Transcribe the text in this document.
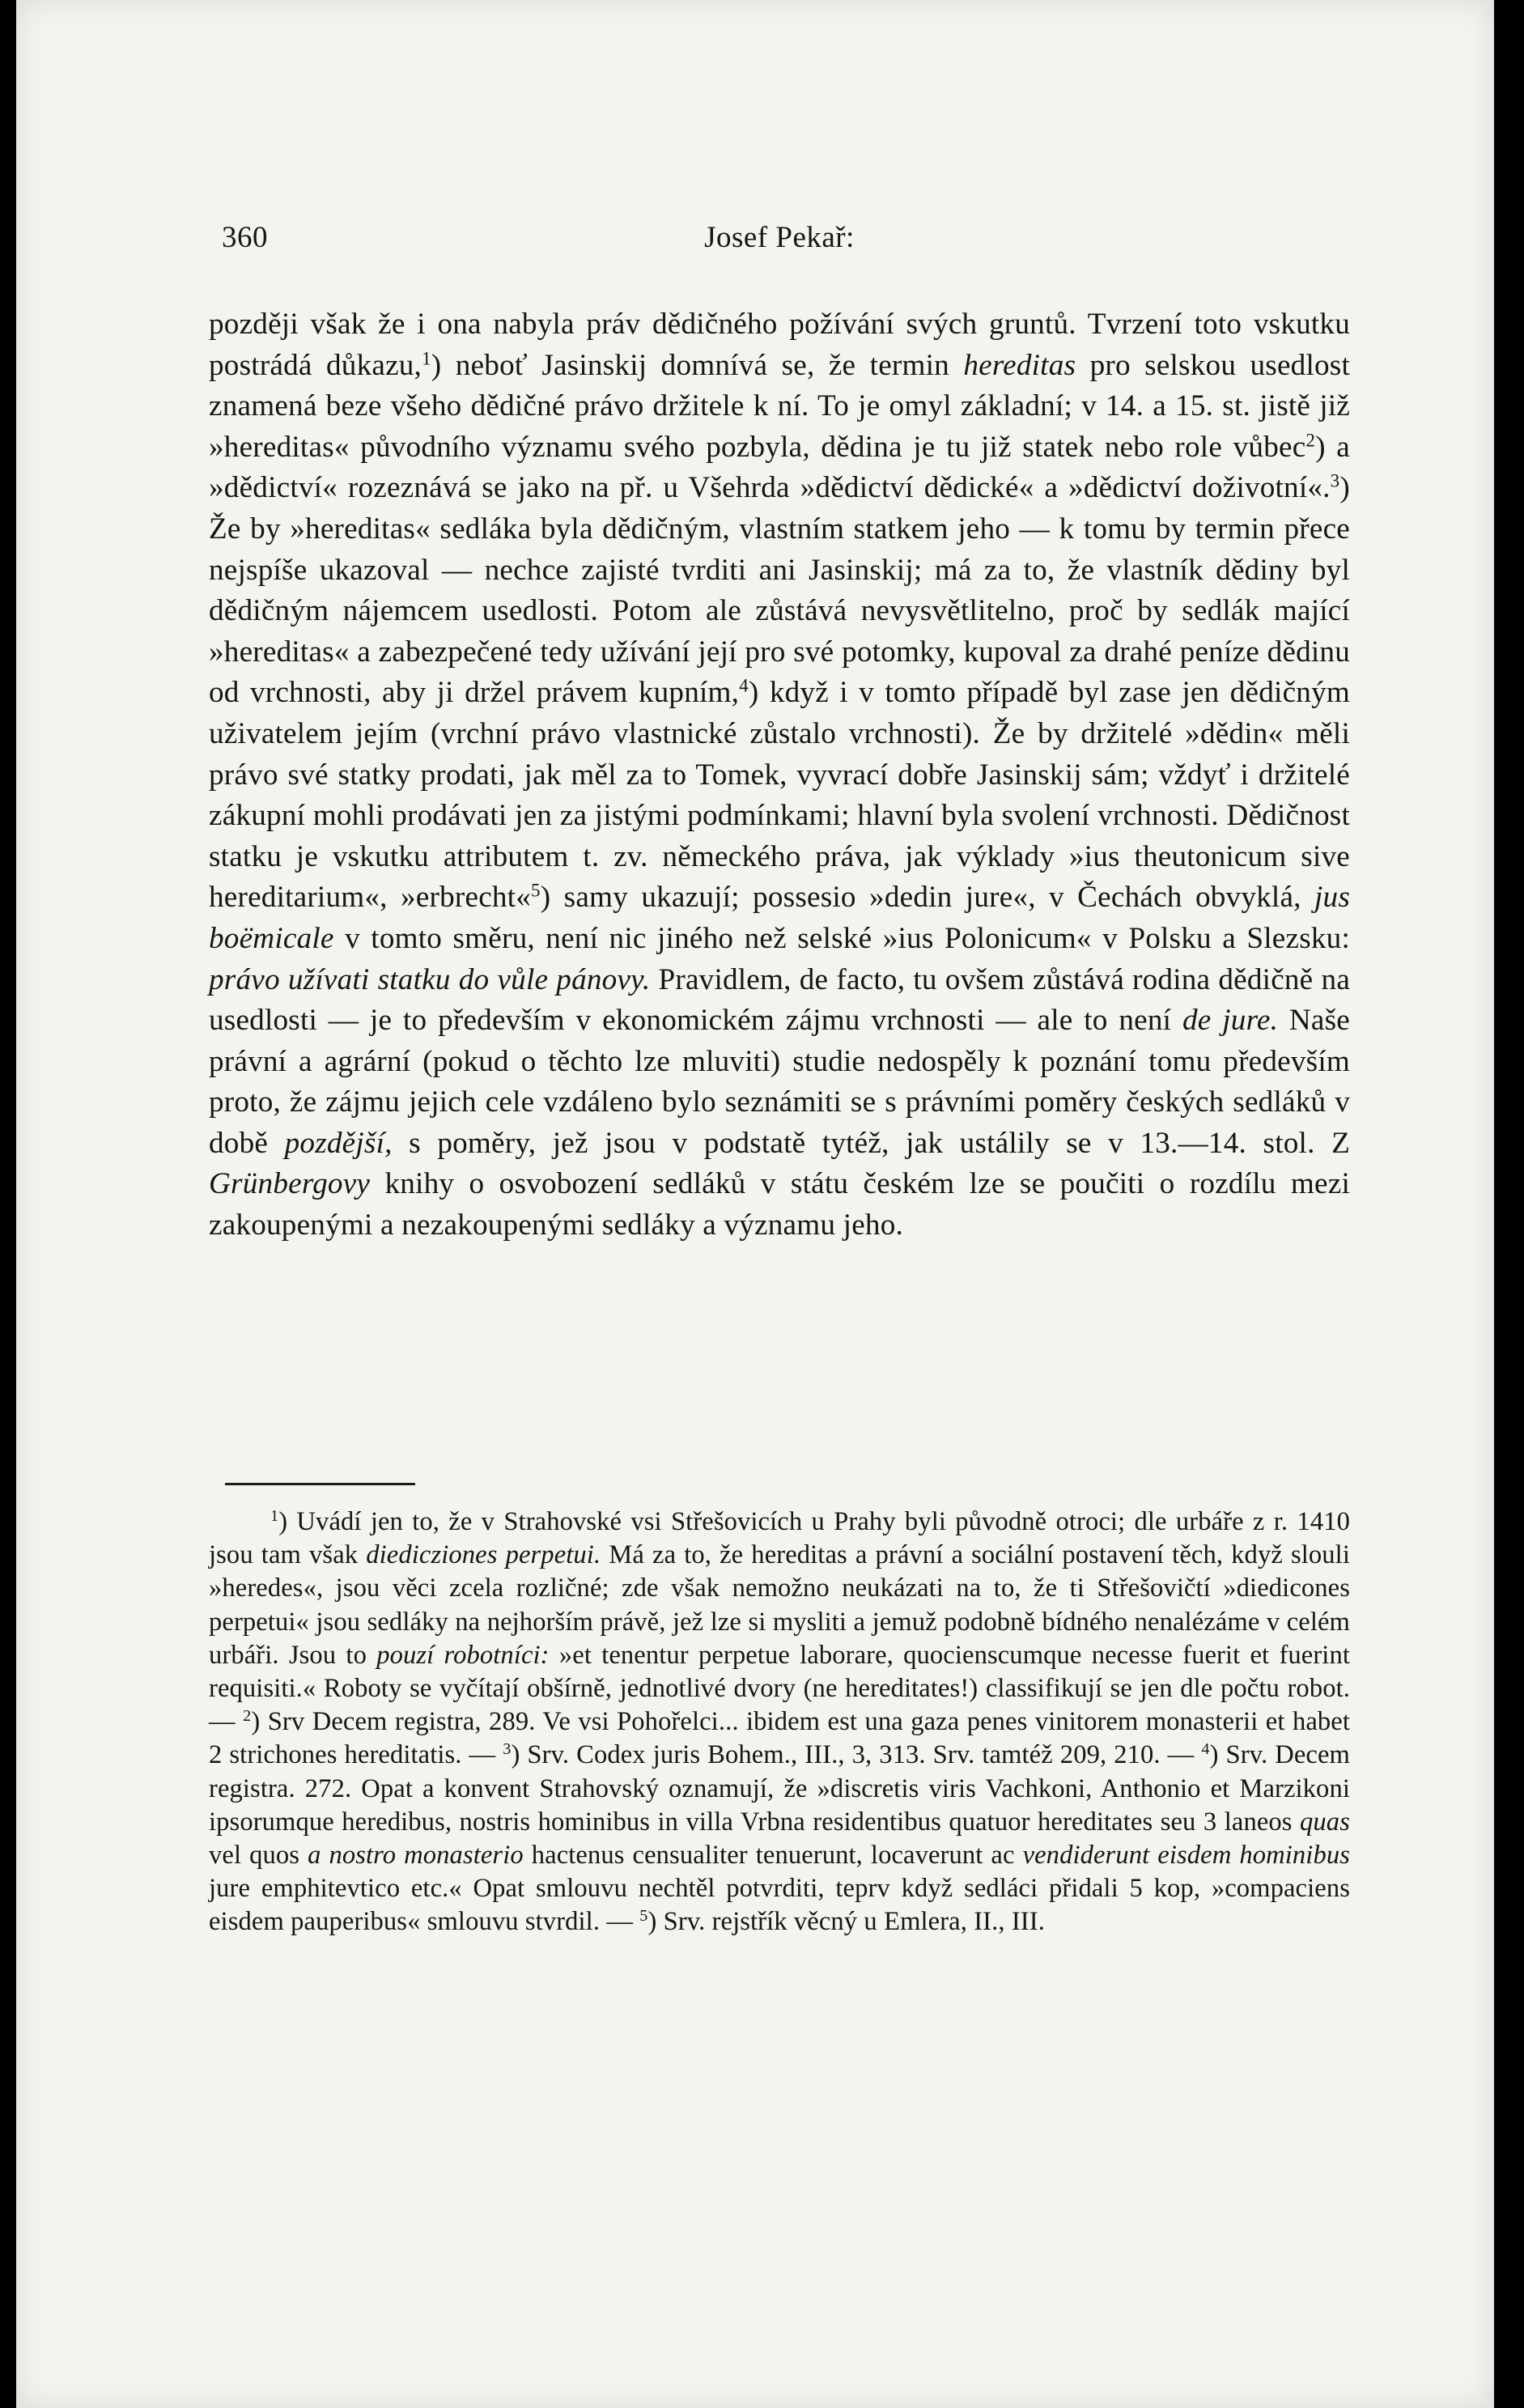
360	Josef Pekař:

později však že i ona nabyla práv dědičného požívání svých gruntů. Tvrzení toto vskutku postrádá důkazu,$^1$) neboť Jasinskij domnívá se, že termin hereditas pro selskou usedlost znamená beze všeho dědičné právo držitele k ní. To je omyl základní; v 14. a 15. st. jistě již »hereditas« původního významu svého pozbyla, dědina je tu již statek nebo role vůbec$^2$) a »dědictví« rozeznává se jako na př. u Všehrda »dědictví dědické« a »dědictví doživotní«.$^3$) Že by »hereditas« sedláka byla dědičným, vlastním statkem jeho — k tomu by termin přece nejspíše ukazoval — nechce zajisté tvrditi ani Jasinskij; má za to, že vlastník dědiny byl dědičným nájemcem usedlosti. Potom ale zůstává nevysvětlitelno, proč by sedlák mající »hereditas« a zabezpečené tedy užívání její pro své potomky, kupoval za drahé peníze dědinu od vrchnosti, aby ji držel právem kupním,$^4$) když i v tomto případě byl zase jen dědičným uživatelem jejím (vrchní právo vlastnické zůstalo vrchnosti). Že by držitelé »dědin« měli právo své statky prodati, jak měl za to Tomek, vyvrací dobře Jasinskij sám; vždyť i držitelé zákupní mohli prodávati jen za jistými podmínkami; hlavní byla svolení vrchnosti. Dědičnost statku je vskutku attributem t. zv. německého práva, jak výklady »ius theutonicum sive hereditarium«, »erbrecht«$^5$) samy ukazují; possesio »dedin jure«, v Čechách obvyklá, jus boëmicale v tomto směru, není nic jiného než selské »ius Polonicum« v Polsku a Slezsku: právo užívati statku do vůle pánovy. Pravidlem, de facto, tu ovšem zůstává rodina dědičně na usedlosti — je to především v ekonomickém zájmu vrchnosti — ale to není de jure. Naše právní a agrární (pokud o těchto lze mluviti) studie nedospěly k poznání tomu především proto, že zájmu jejich cele vzdáleno bylo seznámiti se s právními poměry českých sedláků v době pozdější, s poměry, jež jsou v podstatě tytéž, jak ustálily se v 13.—14. stol. Z Grünbergovy knihy o osvobození sedláků v státu českém lze se poučiti o rozdílu mezi zakoupenými a nezakoupenými sedláky a významu jeho.

$^1$) Uvádí jen to, že v Strahovské vsi Střešovicích u Prahy byli původně otroci; dle urbáře z r. 1410 jsou tam však diedicziones perpetui. Má za to, že hereditas a právní a sociální postavení těch, když slouli »heredes«, jsou věci zcela rozličné; zde však nemožno neukázati na to, že ti Střešovičtí »diedicones perpetui« jsou sedláky na nejhorším právě, jež lze si mysliti a jemuž podobně bídného nenalézáme v celém urbáři. Jsou to pouzí robotníci: »et tenentur perpetue laborare, quocienscumque necesse fuerit et fuerint requisiti.« Roboty se vyčítají obšírně, jednotlivé dvory (ne hereditates!) classifikují se jen dle počtu robot. — $^2$) Srv Decem registra, 289. Ve vsi Pohořelci... ibidem est una gaza penes vinitorem monasterii et habet 2 strichones hereditatis. — $^3$) Srv. Codex juris Bohem., III., 3, 313. Srv. tamtéž 209, 210. — $^4$) Srv. Decem registra. 272. Opat a konvent Strahovský oznamují, že »discretis viris Vachkoni, Anthonio et Marzikoni ipsorumque heredibus, nostris hominibus in villa Vrbna residentibus quatuor hereditates seu 3 laneos quas vel quos a nostro monasterio hactenus censualiter tenuerunt, locaverunt ac vendiderunt eisdem hominibus jure emphitevtico etc.« Opat smlouvu nechtěl potvrditi, teprv když sedláci přidali 5 kop, »compaciens eisdem pauperibus« smlouvu stvrdil. — $^5$) Srv. rejstřík věcný u Emlera, II., III.
